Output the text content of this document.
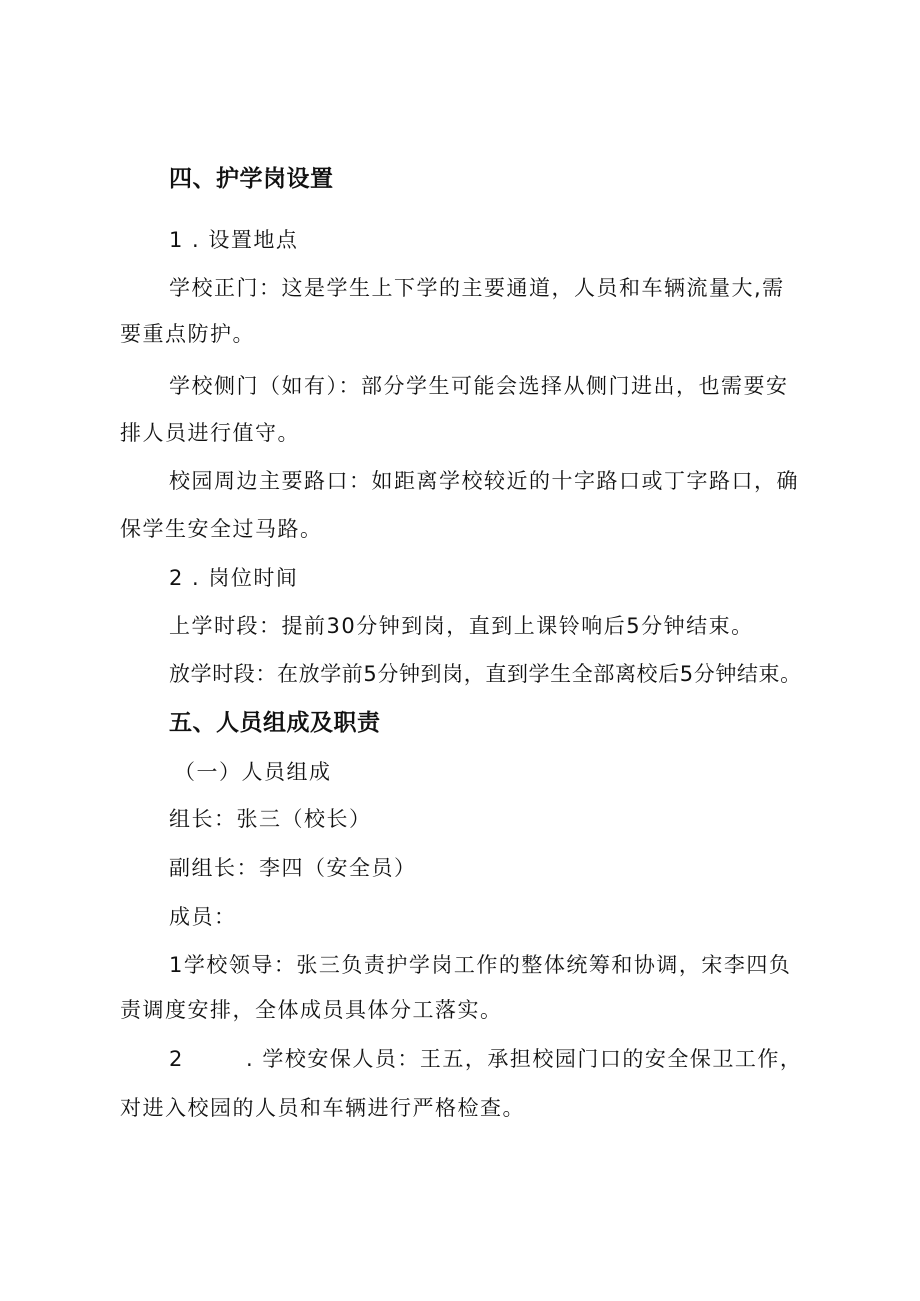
四、护学岗设置
1 . 设置地点
学校正门：这是学生上下学的主要通道，人员和车辆流量大,需
要重点防护。
学校侧门（如有）：部分学生可能会选择从侧门进出，也需要安
排人员进行值守。
校园周边主要路口：如距离学校较近的十字路口或丁字路口，确
保学生安全过马路。
2 . 岗位时间
上学时段：提前30分钟到岗，直到上课铃响后5分钟结束。
放学时段：在放学前5分钟到岗，直到学生全部离校后5分钟结束。
五、人员组成及职责
（一）人员组成
组长：张三（校长）
副组长：李四（安全员）
成员：
1学校领导：张三负责护学岗工作的整体统筹和协调，宋李四负
责调度安排，全体成员具体分工落实。
2	. 学校安保人员：王五，承担校园门口的安全保卫工作，
对进入校园的人员和车辆进行严格检查。
